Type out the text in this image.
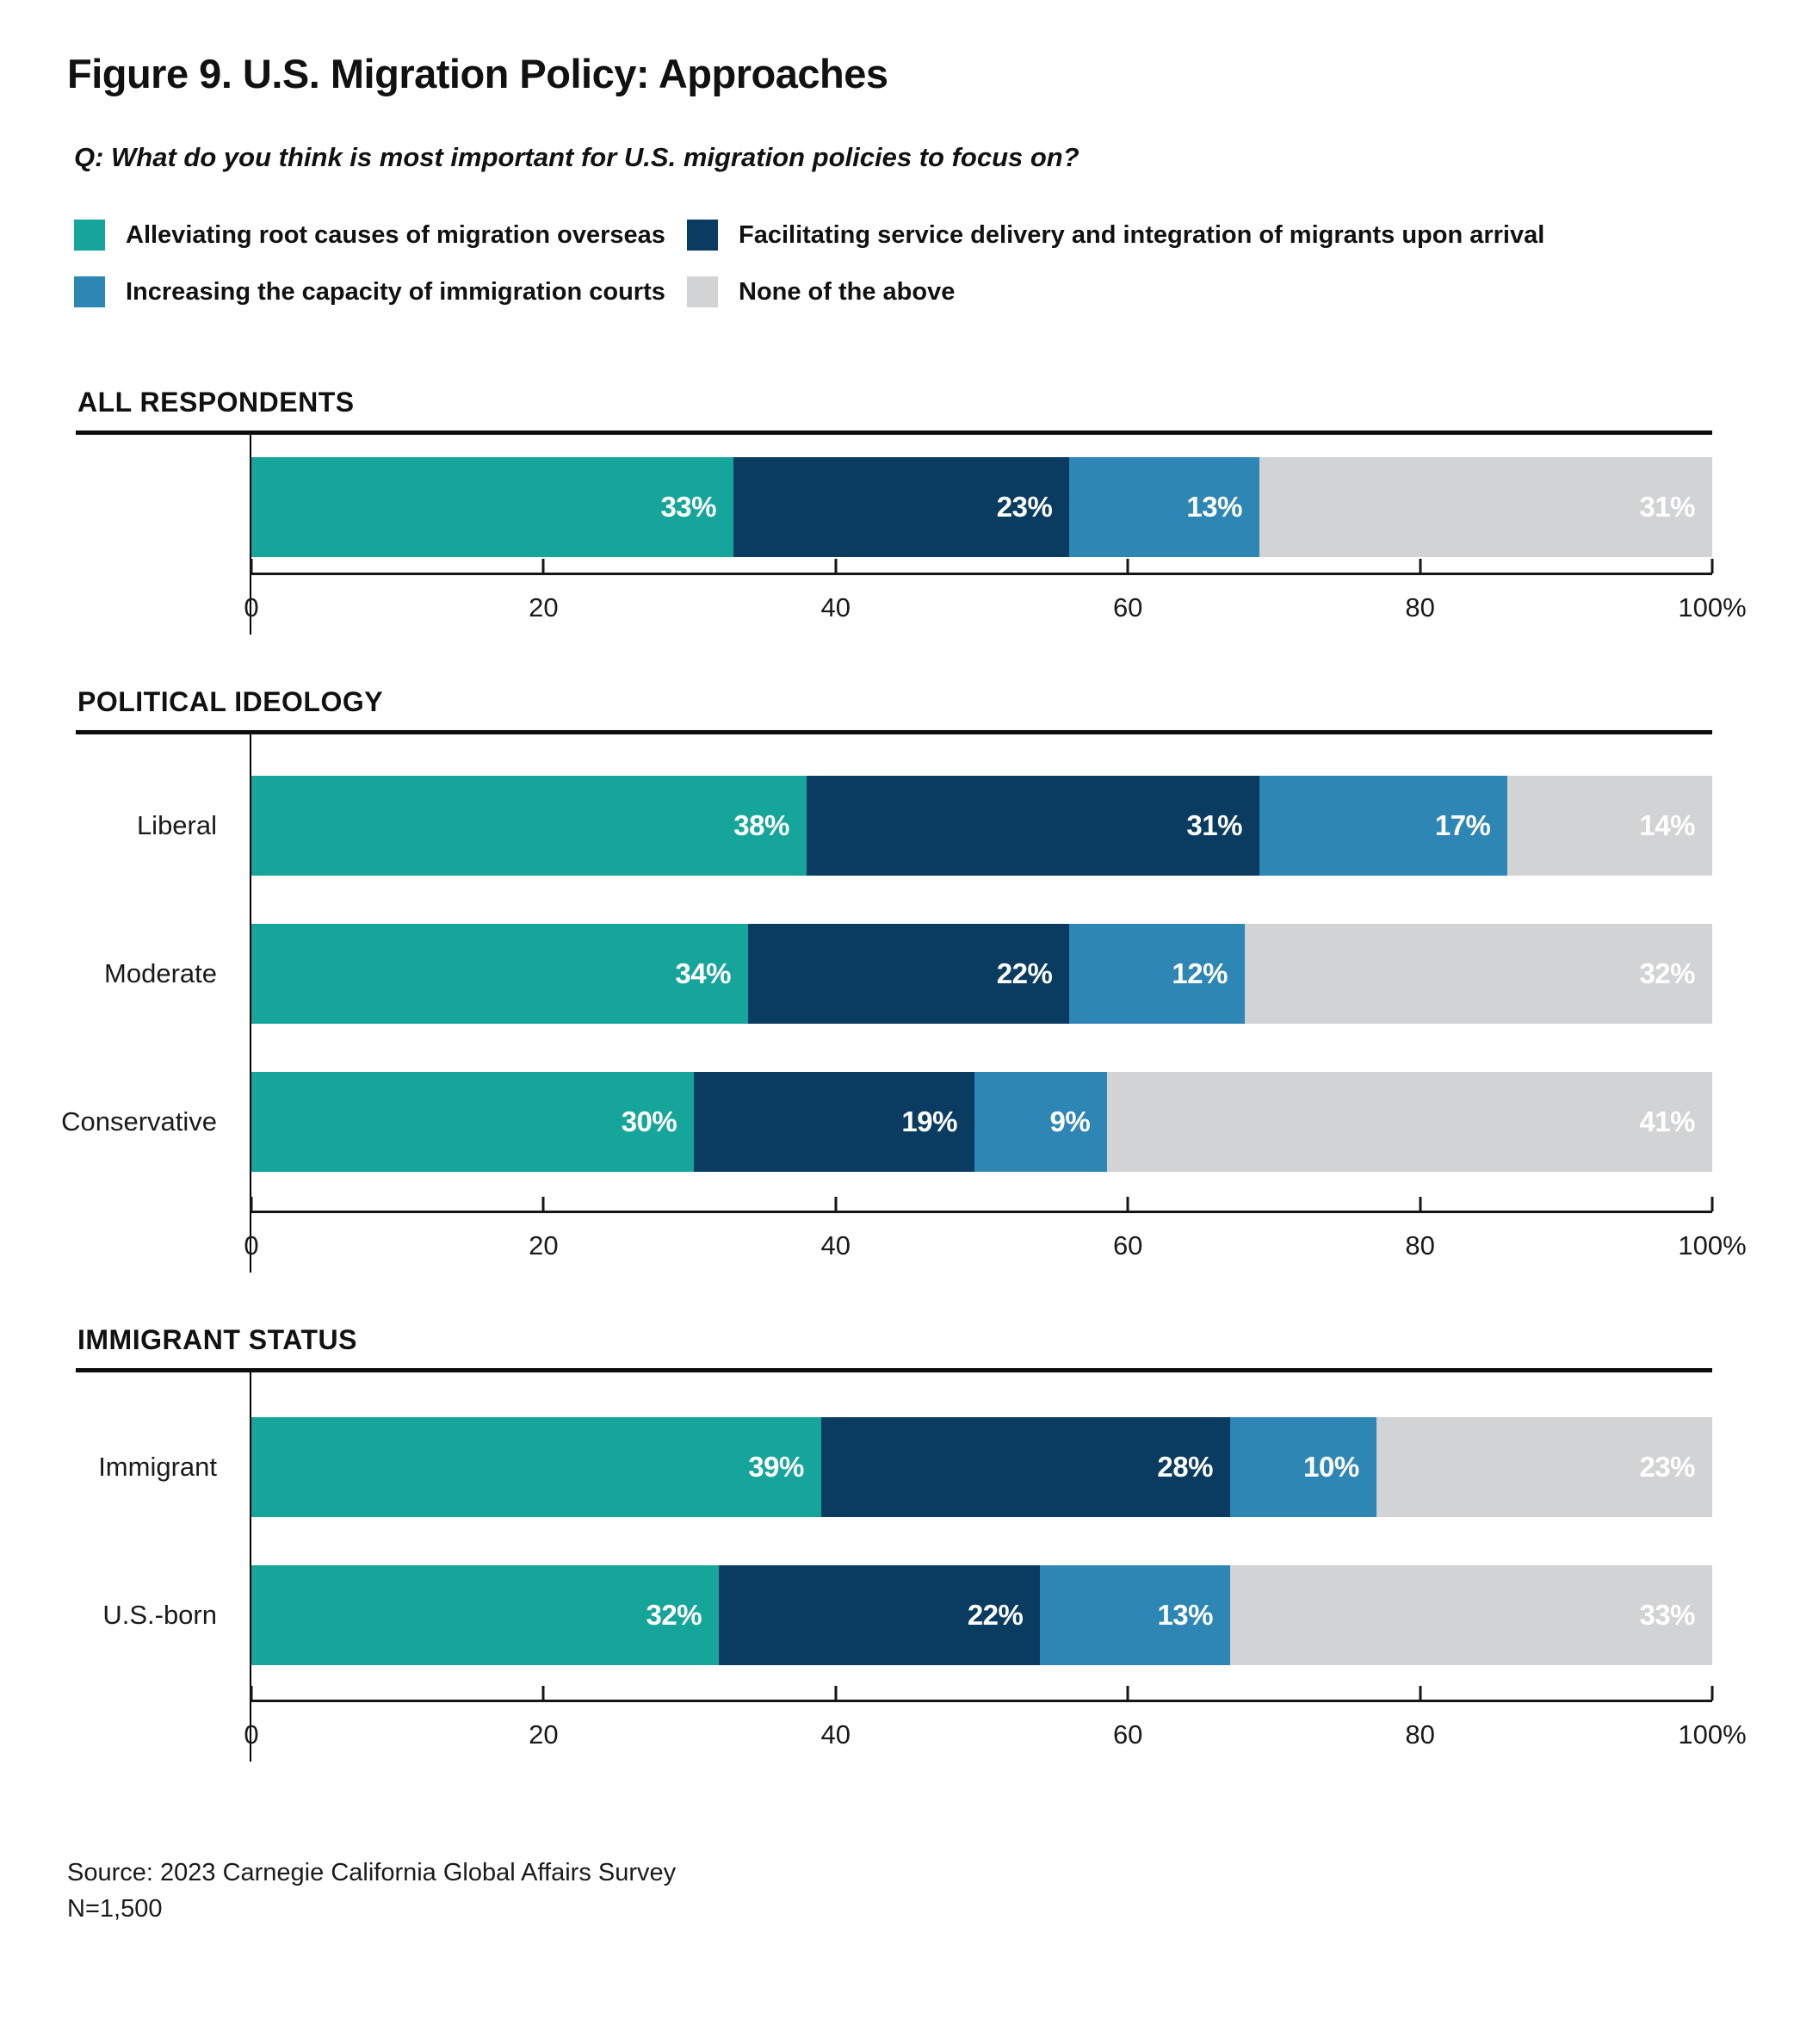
Figure 9. U.S. Migration Policy: Approaches

Q: What do you think is most important for U.S. migration policies to focus on?

Alleviating root causes of migration overseas	Facilitating service delivery and integration of migrants upon arrival
Increasing the capacity of immigration courts	None of the above
ALL RESPONDENTS
33%	23%	13%	31%
0	20	40	60	80	100%
POLITICAL IDEOLOGY
Liberal	38%	31%	17%	14%
Moderate	34%	22%	12%	32%
Conservative	30%	19%	9%	41%
0	20	40	60	80	100%
IMMIGRANT STATUS
Immigrant	39%	28%	10%	23%
U.S.-born	32%	22%	13%	33%
0	20	40	60	80	100%
Source: 2023 Carnegie California Global Affairs Survey
N=1,500
